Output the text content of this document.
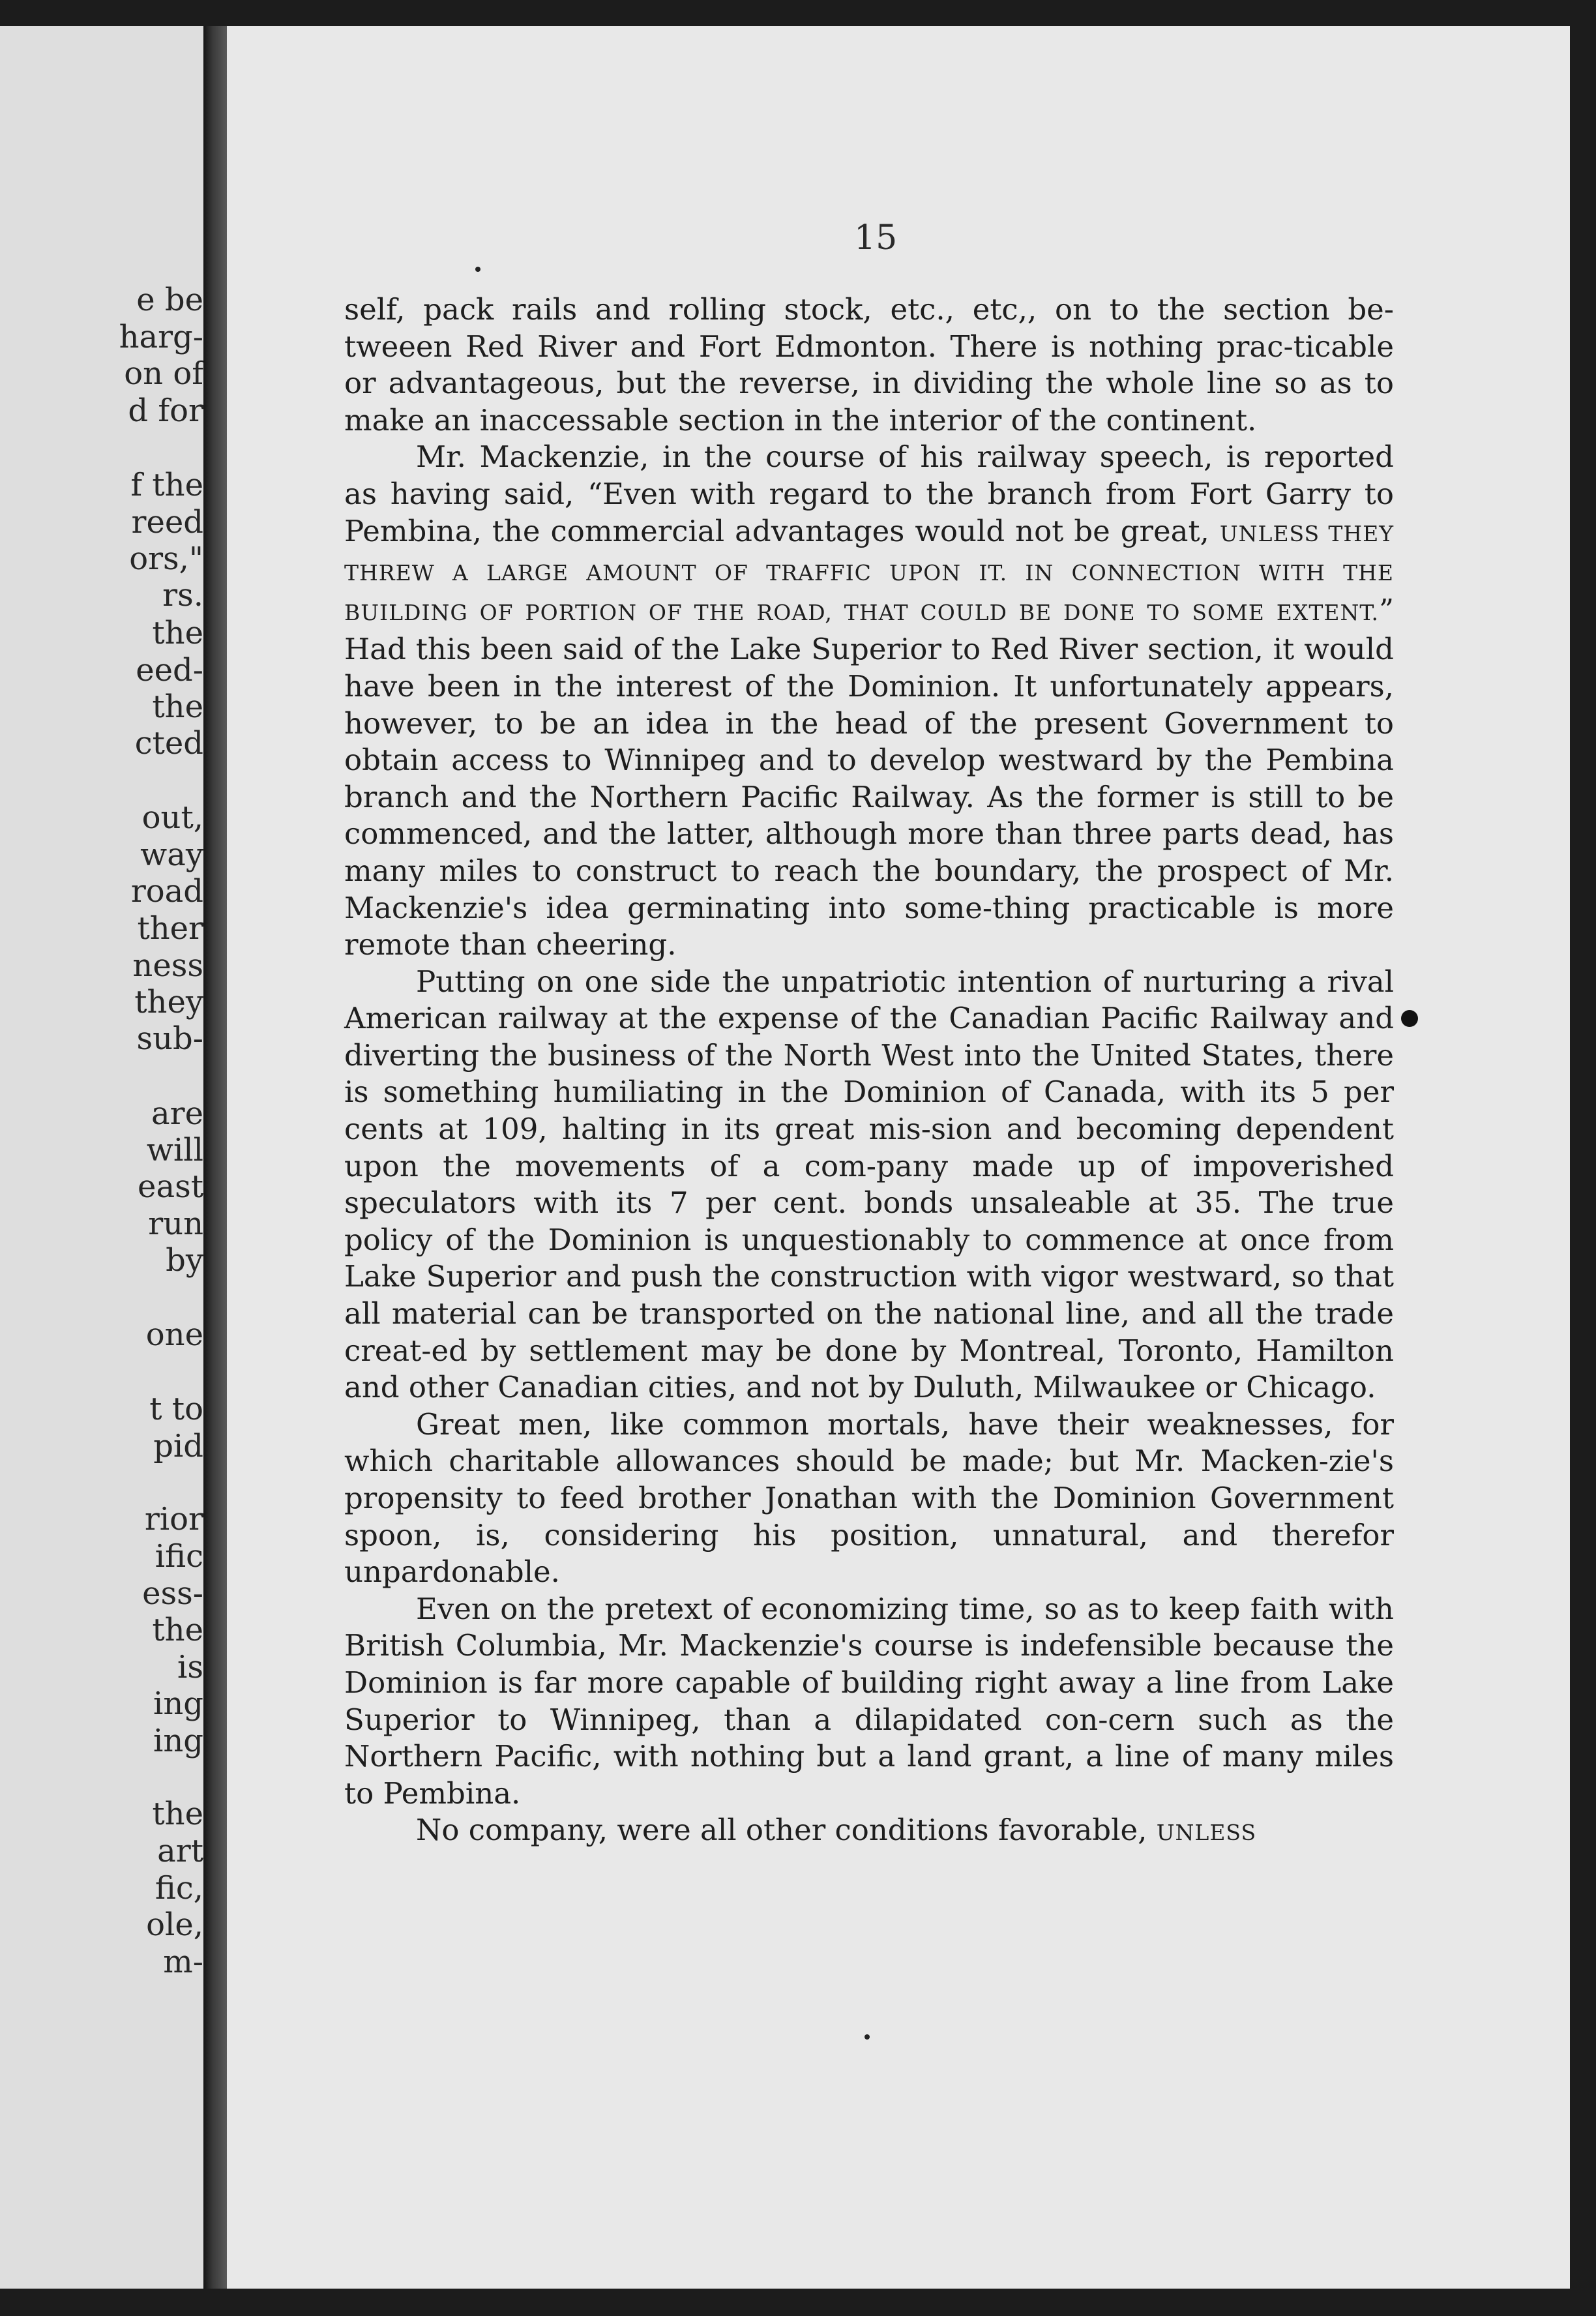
e be
harg-
on of
d for
f the
reed
ors,"
rs.
the
eed-
the
cted
out,
way
road
ther
ness
they
sub-
are
will
east
run
by
one
t to
pid
rior
ific
ess-
the
is
ing
ing
the
art
fic,
ole,
m-
15

self, pack rails and rolling stock, etc., etc,, on to the section be-tweeen Red River and Fort Edmonton. There is nothing prac-ticable or advantageous, but the reverse, in dividing the whole line so as to make an inaccessable section in the interior of the continent.

Mr. Mackenzie, in the course of his railway speech, is reported as having said, “Even with regard to the branch from Fort Garry to Pembina, the commercial advantages would not be great, UNLESS THEY THREW A LARGE AMOUNT OF TRAFFIC UPON IT. IN CONNECTION WITH THE BUILDING OF PORTION OF THE ROAD, THAT COULD BE DONE TO SOME EXTENT.” Had this been said of the Lake Superior to Red River section, it would have been in the interest of the Dominion. It unfortunately appears, however, to be an idea in the head of the present Government to obtain access to Winnipeg and to develop westward by the Pembina branch and the Northern Pacific Railway. As the former is still to be commenced, and the latter, although more than three parts dead, has many miles to construct to reach the boundary, the prospect of Mr. Mackenzie's idea germinating into some-thing practicable is more remote than cheering.

Putting on one side the unpatriotic intention of nurturing a rival American railway at the expense of the Canadian Pacific Railway and diverting the business of the North West into the United States, there is something humiliating in the Dominion of Canada, with its 5 per cents at 109, halting in its great mis-sion and becoming dependent upon the movements of a com-pany made up of impoverished speculators with its 7 per cent. bonds unsaleable at 35. The true policy of the Dominion is unquestionably to commence at once from Lake Superior and push the construction with vigor westward, so that all material can be transported on the national line, and all the trade creat-ed by settlement may be done by Montreal, Toronto, Hamilton and other Canadian cities, and not by Duluth, Milwaukee or Chicago.

Great men, like common mortals, have their weaknesses, for which charitable allowances should be made; but Mr. Macken-zie's propensity to feed brother Jonathan with the Dominion Government spoon, is, considering his position, unnatural, and therefor unpardonable.

Even on the pretext of economizing time, so as to keep faith with British Columbia, Mr. Mackenzie's course is indefensible because the Dominion is far more capable of building right away a line from Lake Superior to Winnipeg, than a dilapidated con-cern such as the Northern Pacific, with nothing but a land grant, a line of many miles to Pembina.

No company, were all other conditions favorable, UNLESS
